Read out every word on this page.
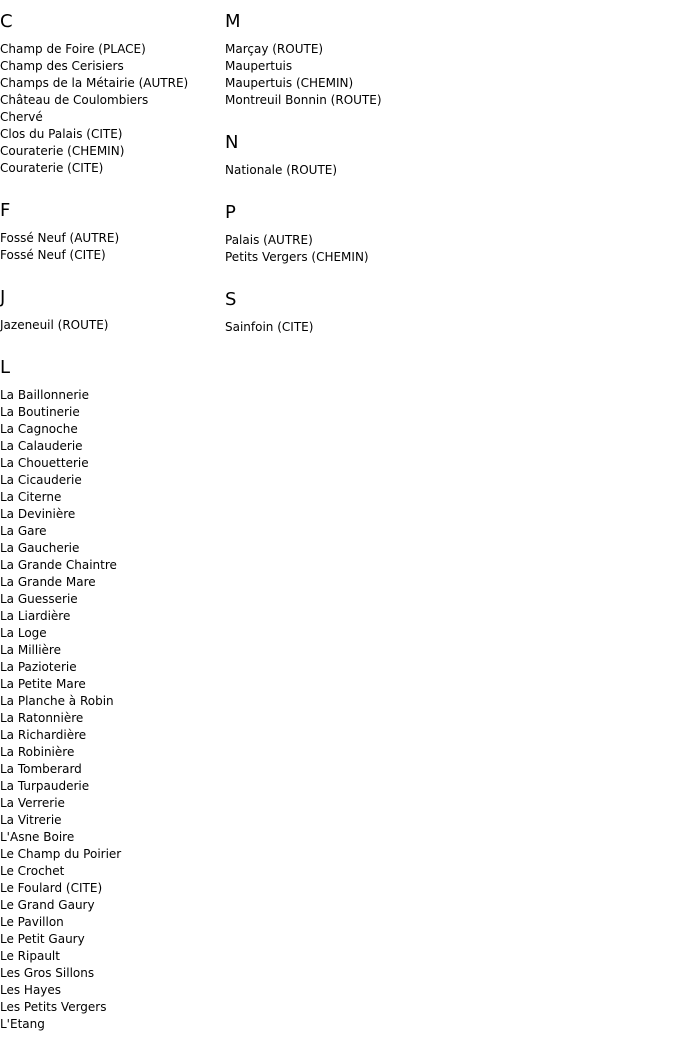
C
Champ de Foire (PLACE)
Champ des Cerisiers
Champs de la Métairie (AUTRE)
Château de Coulombiers
Chervé
Clos du Palais (CITE)
Couraterie (CHEMIN)
Couraterie (CITE)
F
Fossé Neuf (AUTRE)
Fossé Neuf (CITE)
J
Jazeneuil (ROUTE)
L
La Baillonnerie
La Boutinerie
La Cagnoche
La Calauderie
La Chouetterie
La Cicauderie
La Citerne
La Devinière
La Gare
La Gaucherie
La Grande Chaintre
La Grande Mare
La Guesserie
La Liardière
La Loge
La Millière
La Pazioterie
La Petite Mare
La Planche à Robin
La Ratonnière
La Richardière
La Robinière
La Tomberard
La Turpauderie
La Verrerie
La Vitrerie
L'Asne Boire
Le Champ du Poirier
Le Crochet
Le Foulard (CITE)
Le Grand Gaury
Le Pavillon
Le Petit Gaury
Le Ripault
Les Gros Sillons
Les Hayes
Les Petits Vergers
L'Etang
M
Marçay (ROUTE)
Maupertuis
Maupertuis (CHEMIN)
Montreuil Bonnin (ROUTE)
N
Nationale (ROUTE)
P
Palais (AUTRE)
Petits Vergers (CHEMIN)
S
Sainfoin (CITE)
